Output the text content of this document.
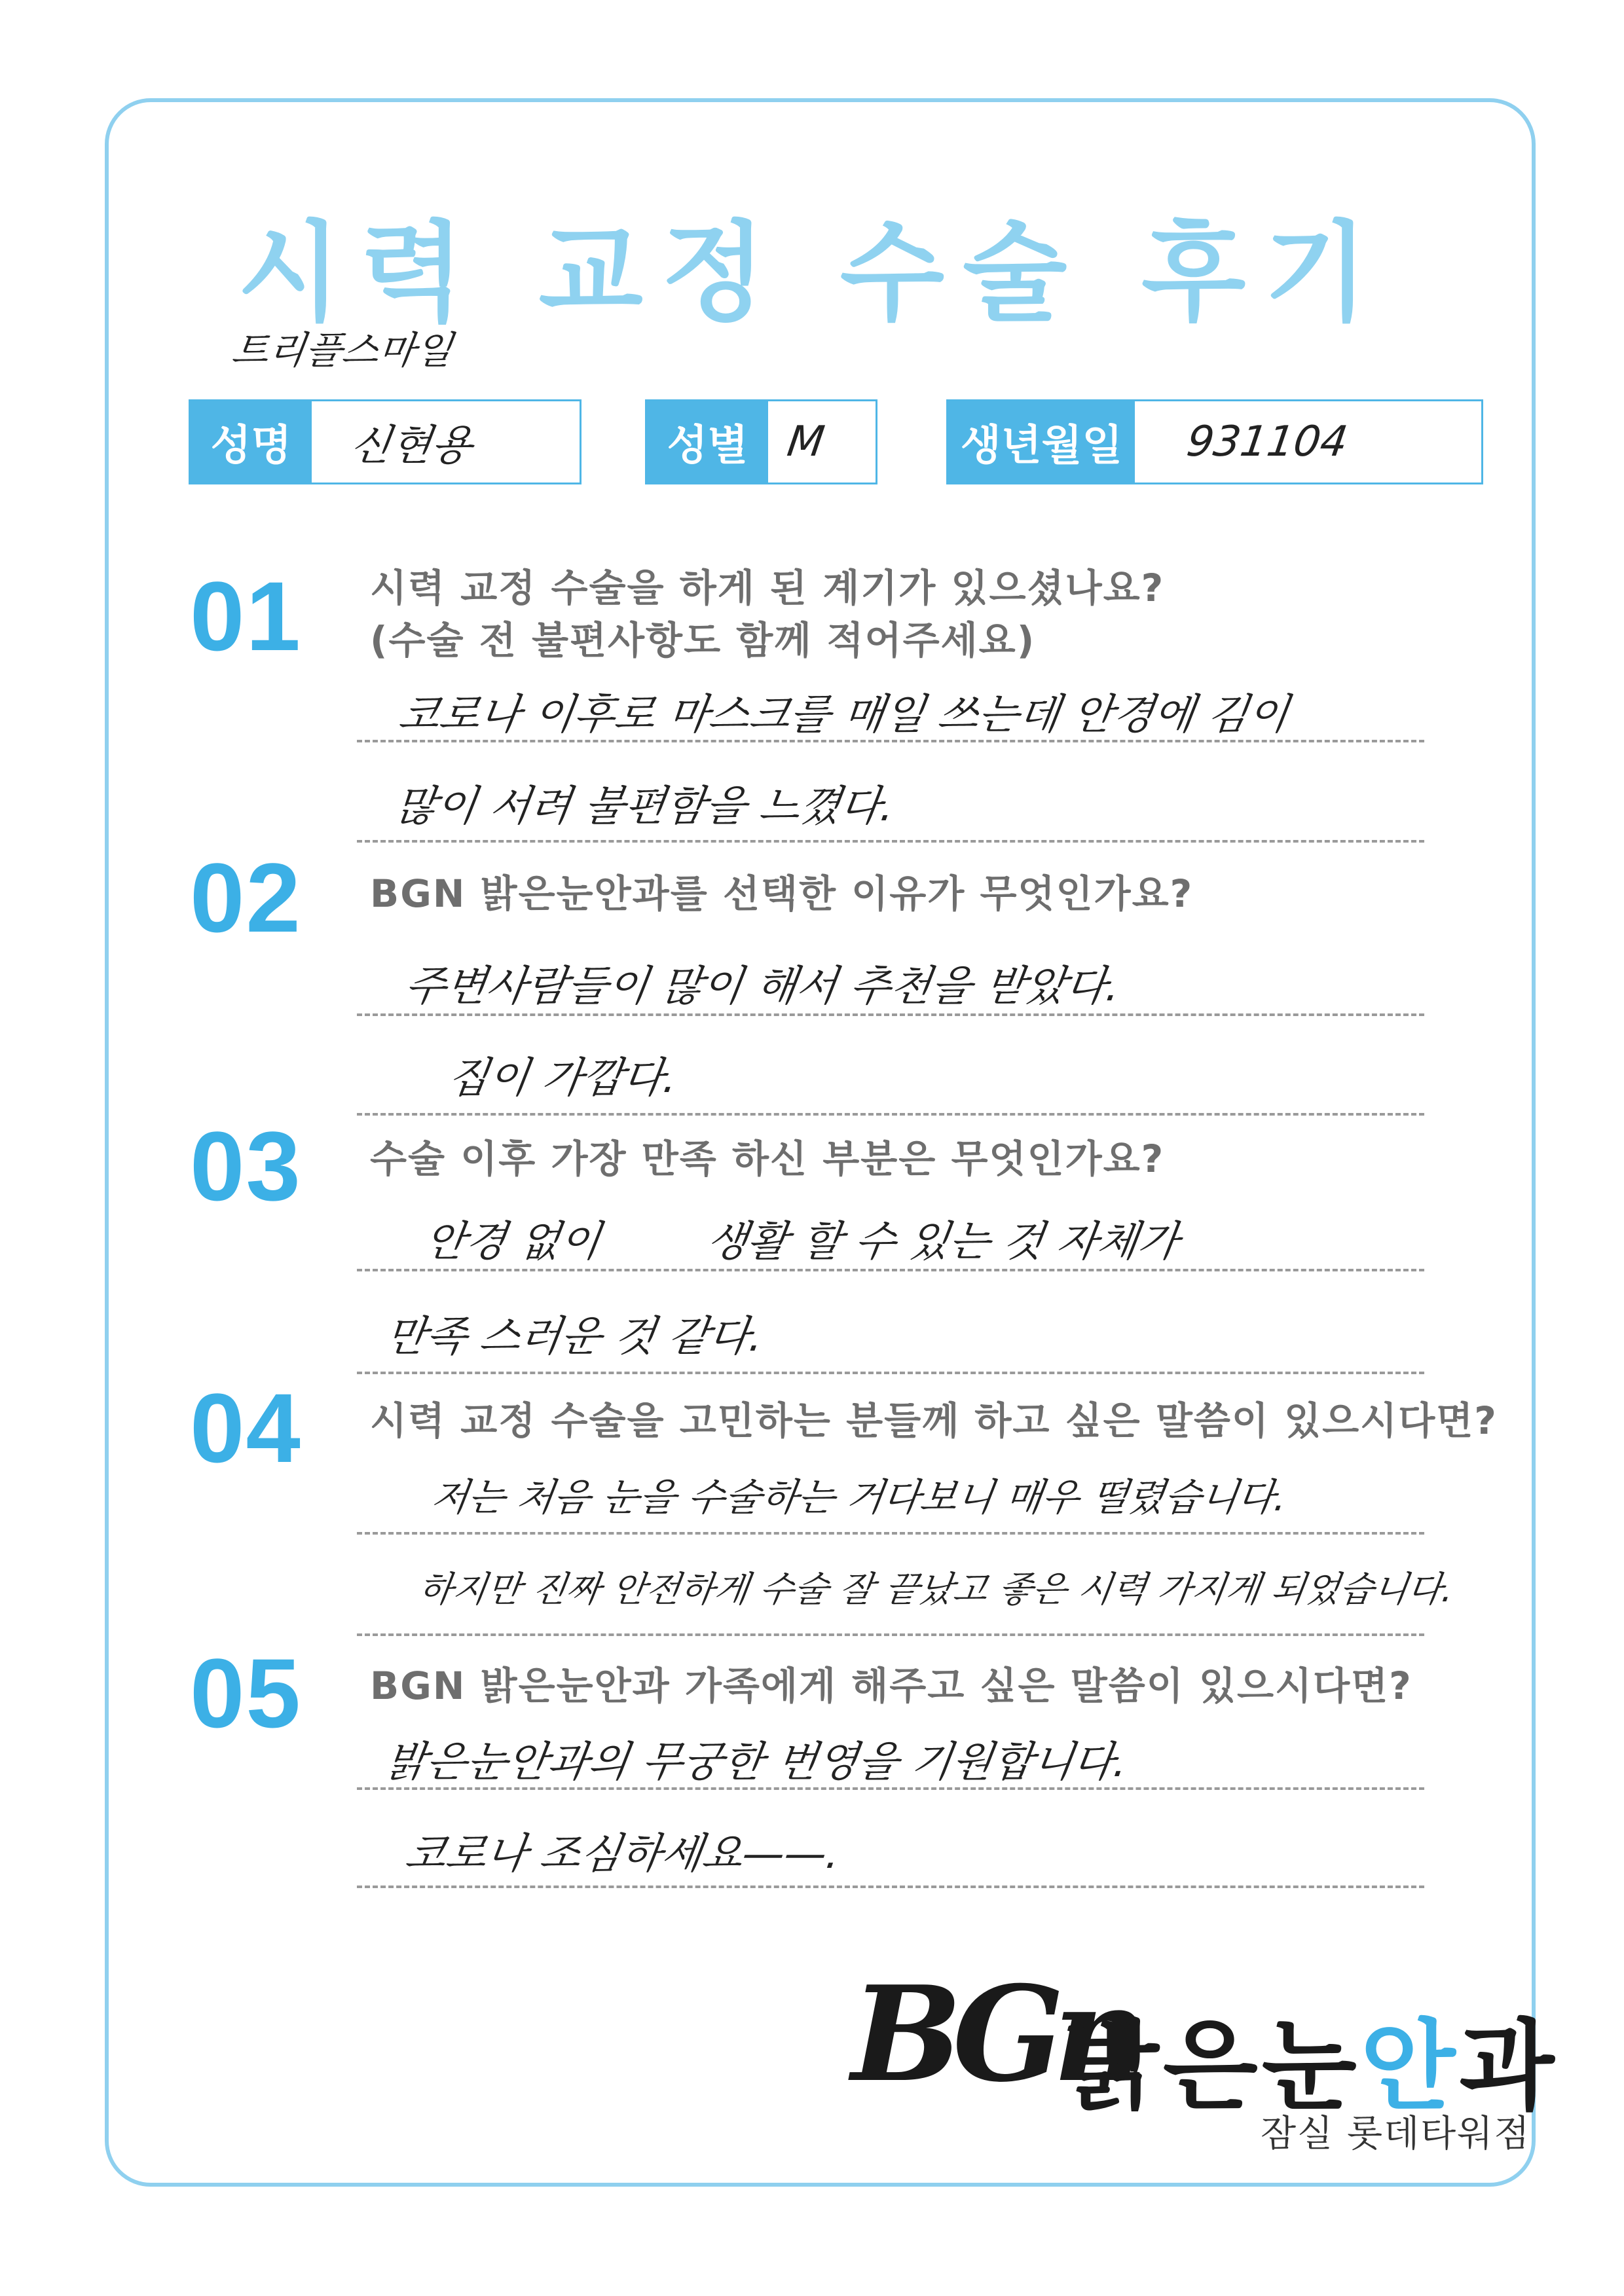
시력 교정 수술 후기
트리플스마일
성명	신현용	성별 M	생년월일 931104
01 시력 교정 수술을 하게 된 계기가 있으셨나요?
(수술 전 불편사항도 함께 적어주세요)
코로나 이후로 마스크를 매일 쓰는데 안경에 김이
많이 서려 불편함을 느꼈다.
02 BGN 밝은눈안과를 선택한 이유가 무엇인가요?
주변사람들이 많이 해서 추천을 받았다.
집이 가깝다.
03 수술 이후 가장 만족 하신 부분은 무엇인가요?
안경 없이        생활 할 수 있는 것 자체가
만족 스러운 것 같다.
04 시력 교정 수술을 고민하는 분들께 하고 싶은 말씀이 있으시다면?
저는 처음 눈을 수술하는 거다보니 매우 떨렸습니다.
하지만 진짜 안전하게 수술 잘 끝났고 좋은 시력 가지게 되었습니다.
05 BGN 밝은눈안과 가족에게 해주고 싶은 말씀이 있으시다면?
밝은눈안과의 무궁한 번영을 기원합니다.
코로나 조심하세요——.
BGn
밝은눈안과
잠실 롯데타워점
